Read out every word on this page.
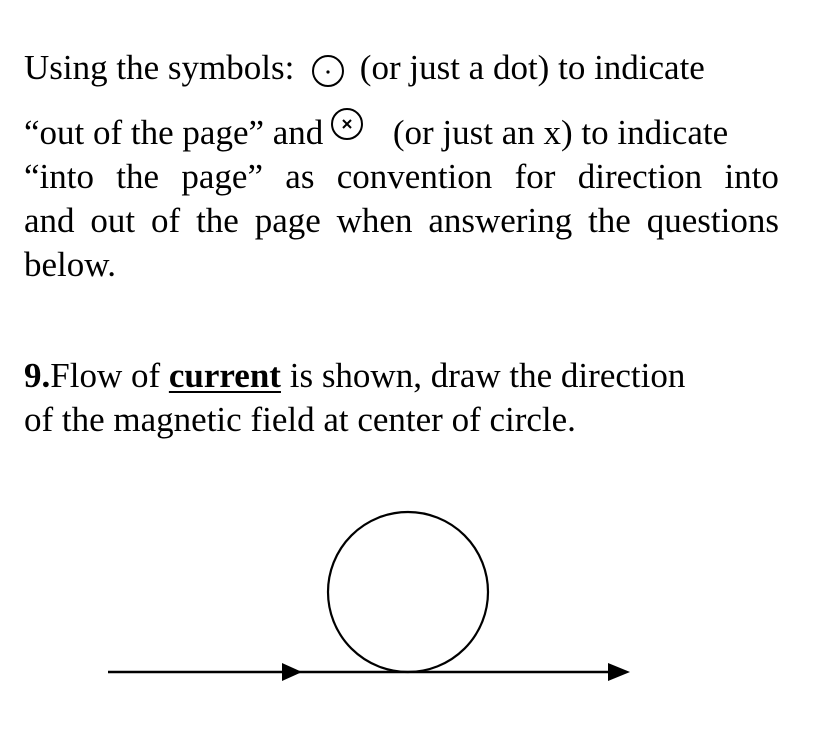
Using the symbols: (or just a dot) to indicate
“out of the page” and (or just an x) to indicate
“into the page” as convention for direction into
and out of the page when answering the questions
below.
9.Flow of current is shown, draw the direction
of the magnetic field at center of circle.
